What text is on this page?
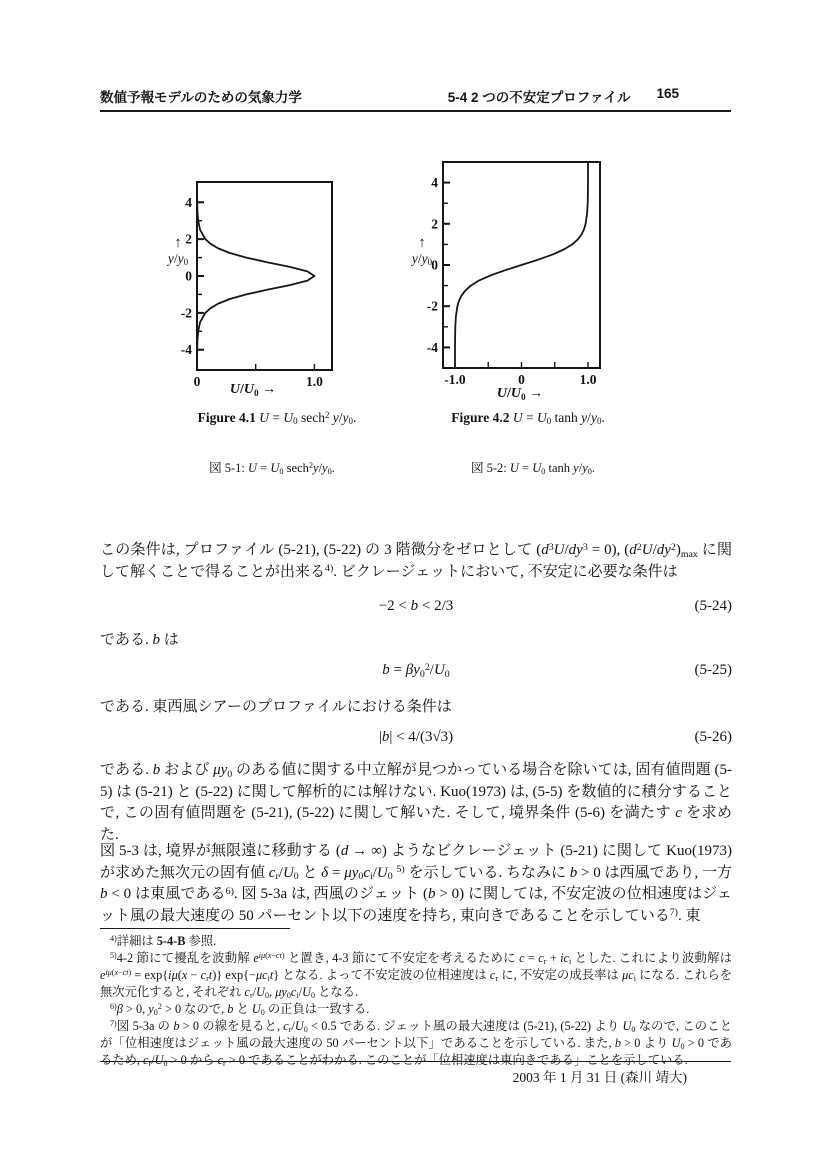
数値予報モデルのための気象力学	5-4 2 つの不安定プロファイル 165
4
2
0
-2
-4
0	1.0
↑
$y/y_0$
$U/U_0$ →
Figure 4.1 $U = U_0$ sech$^2$ $y/y_0$.
図 5-1: $U = U_0$ $\sec h^2y/y_0$.
4
2
0
-2
-4
-1.0	0	1.0
↑
$y/y_0$
$U/U_0$ →
Figure 4.2 $U = U_0$ $\tanh y/y_0$.
図 5-2: $U = U_0$ $\tanh y/y_0$.
この条件は, プロファイル (5-21), (5-22) の 3 階微分をゼロとして $(d^3U/dy^3 = 0)$, $(d^2U/dy^2)_{max}$ に関して解くことで得ることが出来る$^{4)}$. ビクレージェットにおいて, 不安定に必要な条件は
−2 < b < 2/3	(5-24)
である. b は
$b = \beta y_0^2/U_0$	(5-25)
である. 東西風シアーのプロファイルにおける条件は
|b| < 4/(3√3)	(5-26)
である. b および $\mu y_0$ のある値に関する中立解が見つかっている場合を除いては, 固有値問題 (5-5) は (5-21) と (5-22) に関して解析的には解けない. Kuo(1973) は, (5-5) を数値的に積分することで, この固有値問題を (5-21), (5-22) に関して解いた. そして, 境界条件 (5-6) を満たす c を求めた.
図 5-3 は, 境界が無限遠に移動する (d → ∞) ようなビクレージェット (5-21) に関して Kuo(1973) が求めた無次元の固有値 $c_r/U_0$ と $\delta = \mu y_0c_i/U_0$ $^{5)}$ を示している. ちなみに b > 0 は西風であり, 一方 b < 0 は東風である$^{6)}$. 図 5-3a は, 西風のジェット (b > 0) に関しては, 不安定波の位相速度はジェット風の最大速度の 50 パーセント以下の速度を持ち, 東向きであることを示している$^{7)}$. 東
$^{4)}$詳細は 5-4-B 参照.
$^{5)}$4-2 節にて擾乱を波動解 $e^{i\mu(x-ct)}$ と置き, 4-3 節にて不安定を考えるために $c = c_r + ic_i$ とした. これにより波動解は $e^{i\mu(x-ct)} = \exp\{i\mu(x - c_rt)\}$ $\exp\{-\mu c_it\}$ となる. よって不安定波の位相速度は $c_r$ に, 不安定の成長率は $\mu c_i$ になる. これらを無次元化すると, それぞれ $c_r/U_0$, $\mu y_0c_i/U_0$ となる.
$^{6)}$β > 0, $y_0^2 > 0$ なので, b と $U_0$ の正負は一致する.
$^{7)}$図 5-3a の b > 0 の線を見ると, $c_r/U_0 < 0.5$ である. ジェット風の最大速度は (5-21), (5-22) より $U_0$ なので, このことが「位相速度はジェット風の最大速度の 50 パーセント以下」であることを示している. また, b > 0 より $U_0 > 0$ であるため, $c_r/U_0 > 0$ から $c_r > 0$ であることがわかる. このことが「位相速度は東向きである」ことを示している.
2003 年 1 月 31 日 (森川 靖大)
